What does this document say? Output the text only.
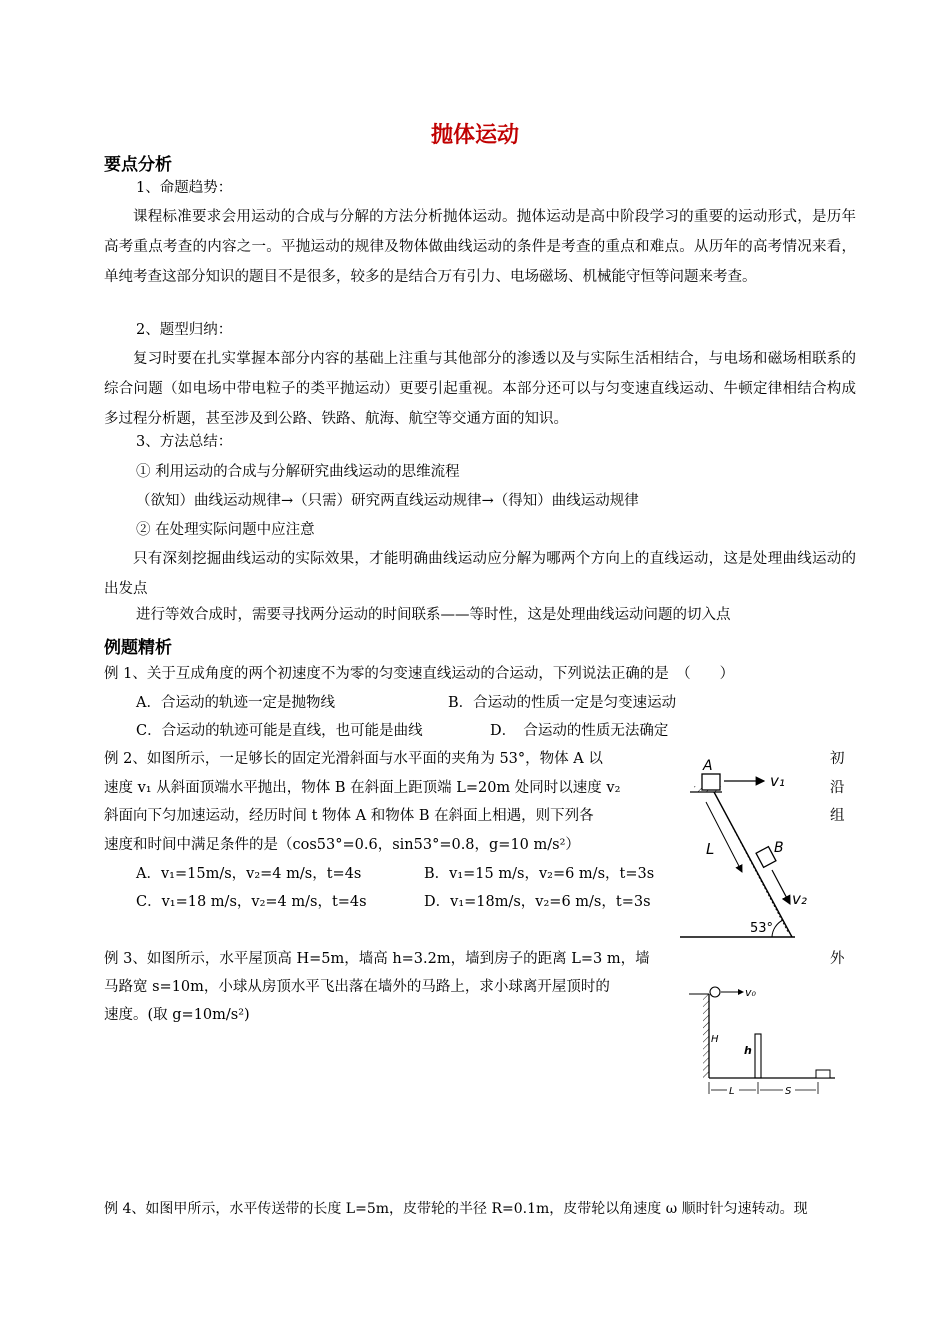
抛体运动
要点分析
1、命题趋势：
课程标准要求会用运动的合成与分解的方法分析抛体运动。抛体运动是高中阶段学习的重要的运动形式，是历年高考重点考查的内容之一。平抛运动的规律及物体做曲线运动的条件是考查的重点和难点。从历年的高考情况来看，单纯考查这部分知识的题目不是很多，较多的是结合万有引力、电场磁场、机械能守恒等问题来考查。
2、题型归纳：
复习时要在扎实掌握本部分内容的基础上注重与其他部分的渗透以及与实际生活相结合，与电场和磁场相联系的综合问题（如电场中带电粒子的类平抛运动）更要引起重视。本部分还可以与匀变速直线运动、牛顿定律相结合构成多过程分析题，甚至涉及到公路、铁路、航海、航空等交通方面的知识。
3、方法总结：
① 利用运动的合成与分解研究曲线运动的思维流程
（欲知）曲线运动规律→（只需）研究两直线运动规律→（得知）曲线运动规律
② 在处理实际问题中应注意
只有深刻挖掘曲线运动的实际效果，才能明确曲线运动应分解为哪两个方向上的直线运动，这是处理曲线运动的出发点
进行等效合成时，需要寻找两分运动的时间联系——等时性，这是处理曲线运动问题的切入点
例题精析
例 1、关于互成角度的两个初速度不为零的匀变速直线运动的合运动，下列说法正确的是　（　　）
A．合运动的轨迹一定是抛物线	B．合运动的性质一定是匀变速运动
C．合运动的轨迹可能是直线，也可能是曲线	D．　合运动的性质无法确定
例 2、如图所示，一足够长的固定光滑斜面与水平面的夹角为 53°，物体 A 以	初
速度 v₁ 从斜面顶端水平抛出，物体 B 在斜面上距顶端 L=20m 处同时以速度 v₂	沿
斜面向下匀加速运动，经历时间 t 物体 A 和物体 B 在斜面上相遇，则下列各	组
速度和时间中满足条件的是（cos53°=0.6，sin53°=0.8，g=10 m/s²）
A．v₁=15m/s，v₂=4 m/s，t=4s	B．v₁=15 m/s，v₂=6 m/s，t=3s
C．v₁=18 m/s，v₂=4 m/s，t=4s	D．v₁=18m/s，v₂=6 m/s，t=3s
A
v₁
L	B
v₂
53°
例 3、如图所示，水平屋顶高 H=5m，墙高 h=3.2m，墙到房子的距离 L=3 m，墙	外
马路宽 s=10m，小球从房顶水平飞出落在墙外的马路上，求小球离开屋顶时的
速度。(取 g=10m/s²)
v₀
H
h
L	S
例 4、如图甲所示，水平传送带的长度 L=5m，皮带轮的半径 R=0.1m，皮带轮以角速度 ω 顺时针匀速转动。现
